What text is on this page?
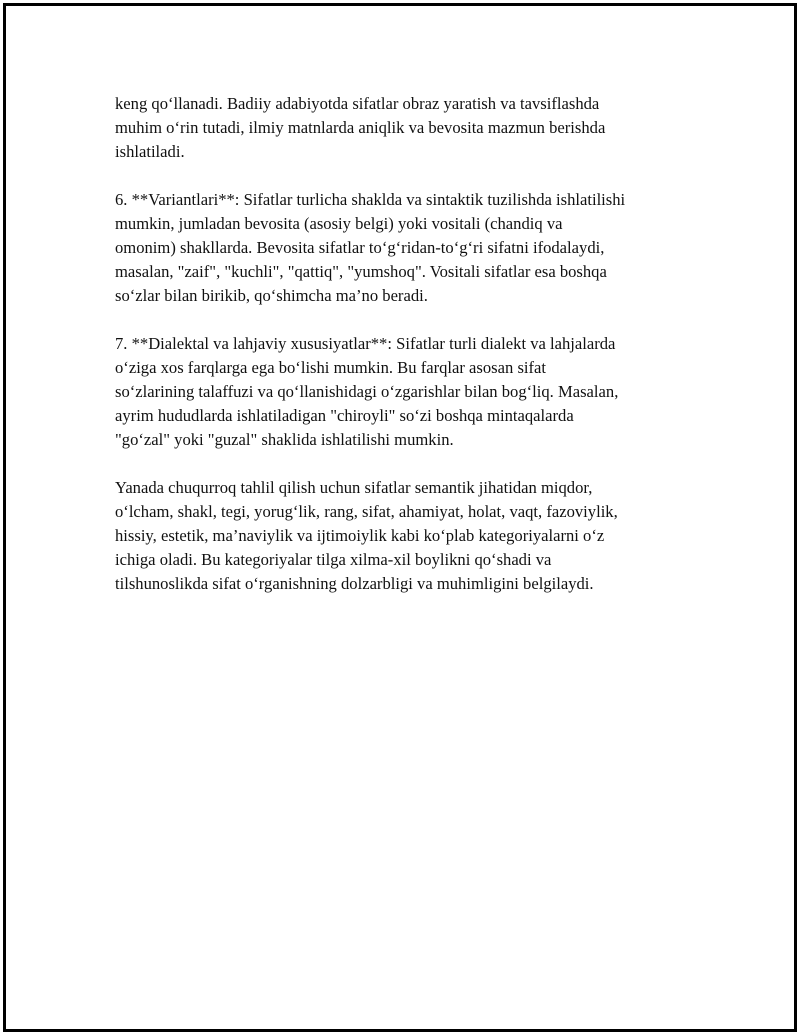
keng qo‘llanadi. Badiiy adabiyotda sifatlar obraz yaratish va tavsiflashda
muhim o‘rin tutadi, ilmiy matnlarda aniqlik va bevosita mazmun berishda
ishlatiladi.

6. **Variantlari**: Sifatlar turlicha shaklda va sintaktik tuzilishda ishlatilishi
mumkin, jumladan bevosita (asosiy belgi) yoki vositali (chandiq va
omonim) shakllarda. Bevosita sifatlar to‘g‘ridan-to‘g‘ri sifatni ifodalaydi,
masalan, "zaif", "kuchli", "qattiq", "yumshoq". Vositali sifatlar esa boshqa
so‘zlar bilan birikib, qo‘shimcha ma’no beradi.

7. **Dialektal va lahjaviy xususiyatlar**: Sifatlar turli dialekt va lahjalarda
o‘ziga xos farqlarga ega bo‘lishi mumkin. Bu farqlar asosan sifat
so‘zlarining talaffuzi va qo‘llanishidagi o‘zgarishlar bilan bog‘liq. Masalan,
ayrim hududlarda ishlatiladigan "chiroyli" so‘zi boshqa mintaqalarda
"go‘zal" yoki "guzal" shaklida ishlatilishi mumkin.

Yanada chuqurroq tahlil qilish uchun sifatlar semantik jihatidan miqdor,
o‘lcham, shakl, tegi, yorug‘lik, rang, sifat, ahamiyat, holat, vaqt, fazoviylik,
hissiy, estetik, ma’naviylik va ijtimoiylik kabi ko‘plab kategoriyalarni o‘z
ichiga oladi. Bu kategoriyalar tilga xilma-xil boylikni qo‘shadi va
tilshunoslikda sifat o‘rganishning dolzarbligi va muhimligini belgilaydi.
